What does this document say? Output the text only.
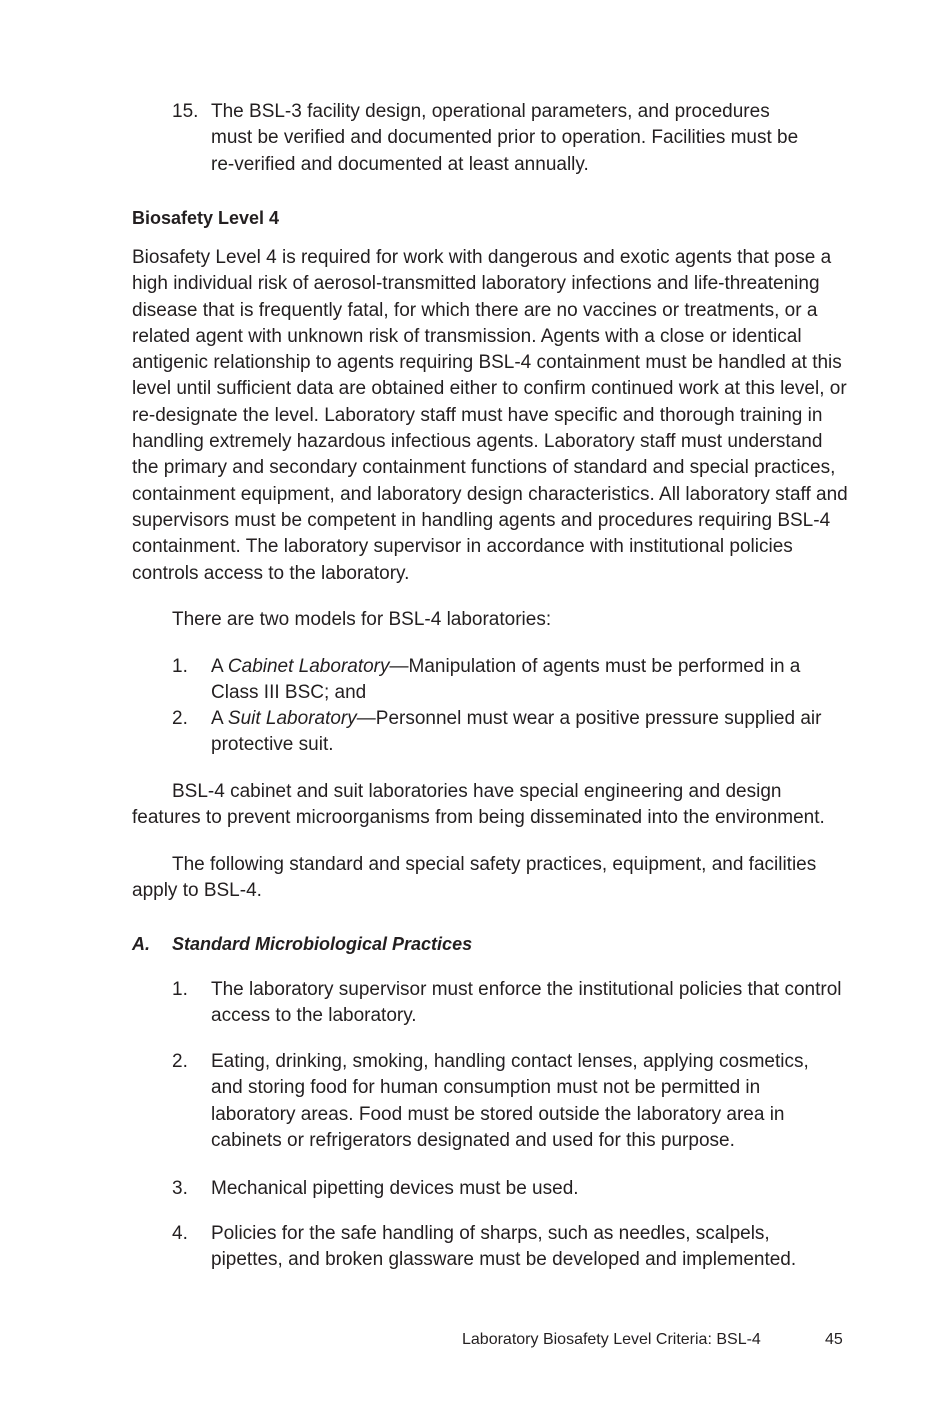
15. The BSL-3 facility design, operational parameters, and procedures must be verified and documented prior to operation. Facilities must be re-verified and documented at least annually.

Biosafety Level 4

Biosafety Level 4 is required for work with dangerous and exotic agents that pose a high individual risk of aerosol-transmitted laboratory infections and life-threatening disease that is frequently fatal, for which there are no vaccines or treatments, or a related agent with unknown risk of transmission. Agents with a close or identical antigenic relationship to agents requiring BSL-4 containment must be handled at this level until sufficient data are obtained either to confirm continued work at this level, or re-designate the level. Laboratory staff must have specific and thorough training in handling extremely hazardous infectious agents. Laboratory staff must understand the primary and secondary containment functions of standard and special practices, containment equipment, and laboratory design characteristics. All laboratory staff and supervisors must be competent in handling agents and procedures requiring BSL-4 containment. The laboratory supervisor in accordance with institutional policies controls access to the laboratory.

There are two models for BSL-4 laboratories:

1. A Cabinet Laboratory—Manipulation of agents must be performed in a Class III BSC; and

2. A Suit Laboratory—Personnel must wear a positive pressure supplied air protective suit.

BSL-4 cabinet and suit laboratories have special engineering and design features to prevent microorganisms from being disseminated into the environment.

The following standard and special safety practices, equipment, and facilities apply to BSL-4.

A. Standard Microbiological Practices
1. The laboratory supervisor must enforce the institutional policies that control access to the laboratory.

2. Eating, drinking, smoking, handling contact lenses, applying cosmetics, and storing food for human consumption must not be permitted in laboratory areas. Food must be stored outside the laboratory area in cabinets or refrigerators designated and used for this purpose.

3. Mechanical pipetting devices must be used.

4. Policies for the safe handling of sharps, such as needles, scalpels, pipettes, and broken glassware must be developed and implemented.

Laboratory Biosafety Level Criteria: BSL-4	45
